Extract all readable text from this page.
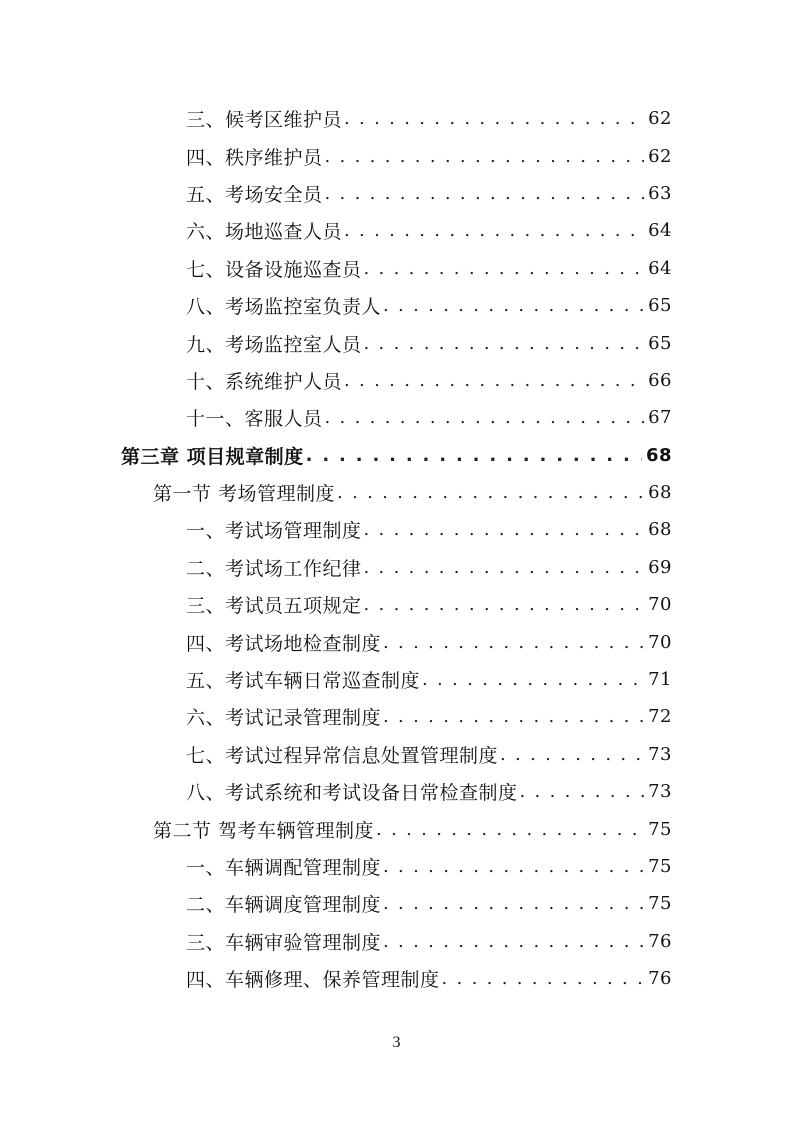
三、候考区维护员 . . .	62
四、秩序维护员 . . .	62
五、考场安全员 . . .	63
六、场地巡查人员 . . .	64
七、设备设施巡查员 . . .	64
八、考场监控室负责人 . . .	65
九、考场监控室人员 . . .	65
十、系统维护人员 . . .	66
十一、客服人员 . . .	67
第三章 项目规章制度 . . .	68
第一节 考场管理制度 . . .	68
一、考试场管理制度 . . .	68
二、考试场工作纪律 . . .	69
三、考试员五项规定 . . .	70
四、考试场地检查制度 . . .	70
五、考试车辆日常巡查制度 . . .	71
六、考试记录管理制度 . . .	72
七、考试过程异常信息处置管理制度 . . .	73
八、考试系统和考试设备日常检查制度 . . .	73
第二节 驾考车辆管理制度 . . .	75
一、车辆调配管理制度 . . .	75
二、车辆调度管理制度 . . .	75
三、车辆审验管理制度 . . .	76
四、车辆修理、保养管理制度 . . .	76
3
